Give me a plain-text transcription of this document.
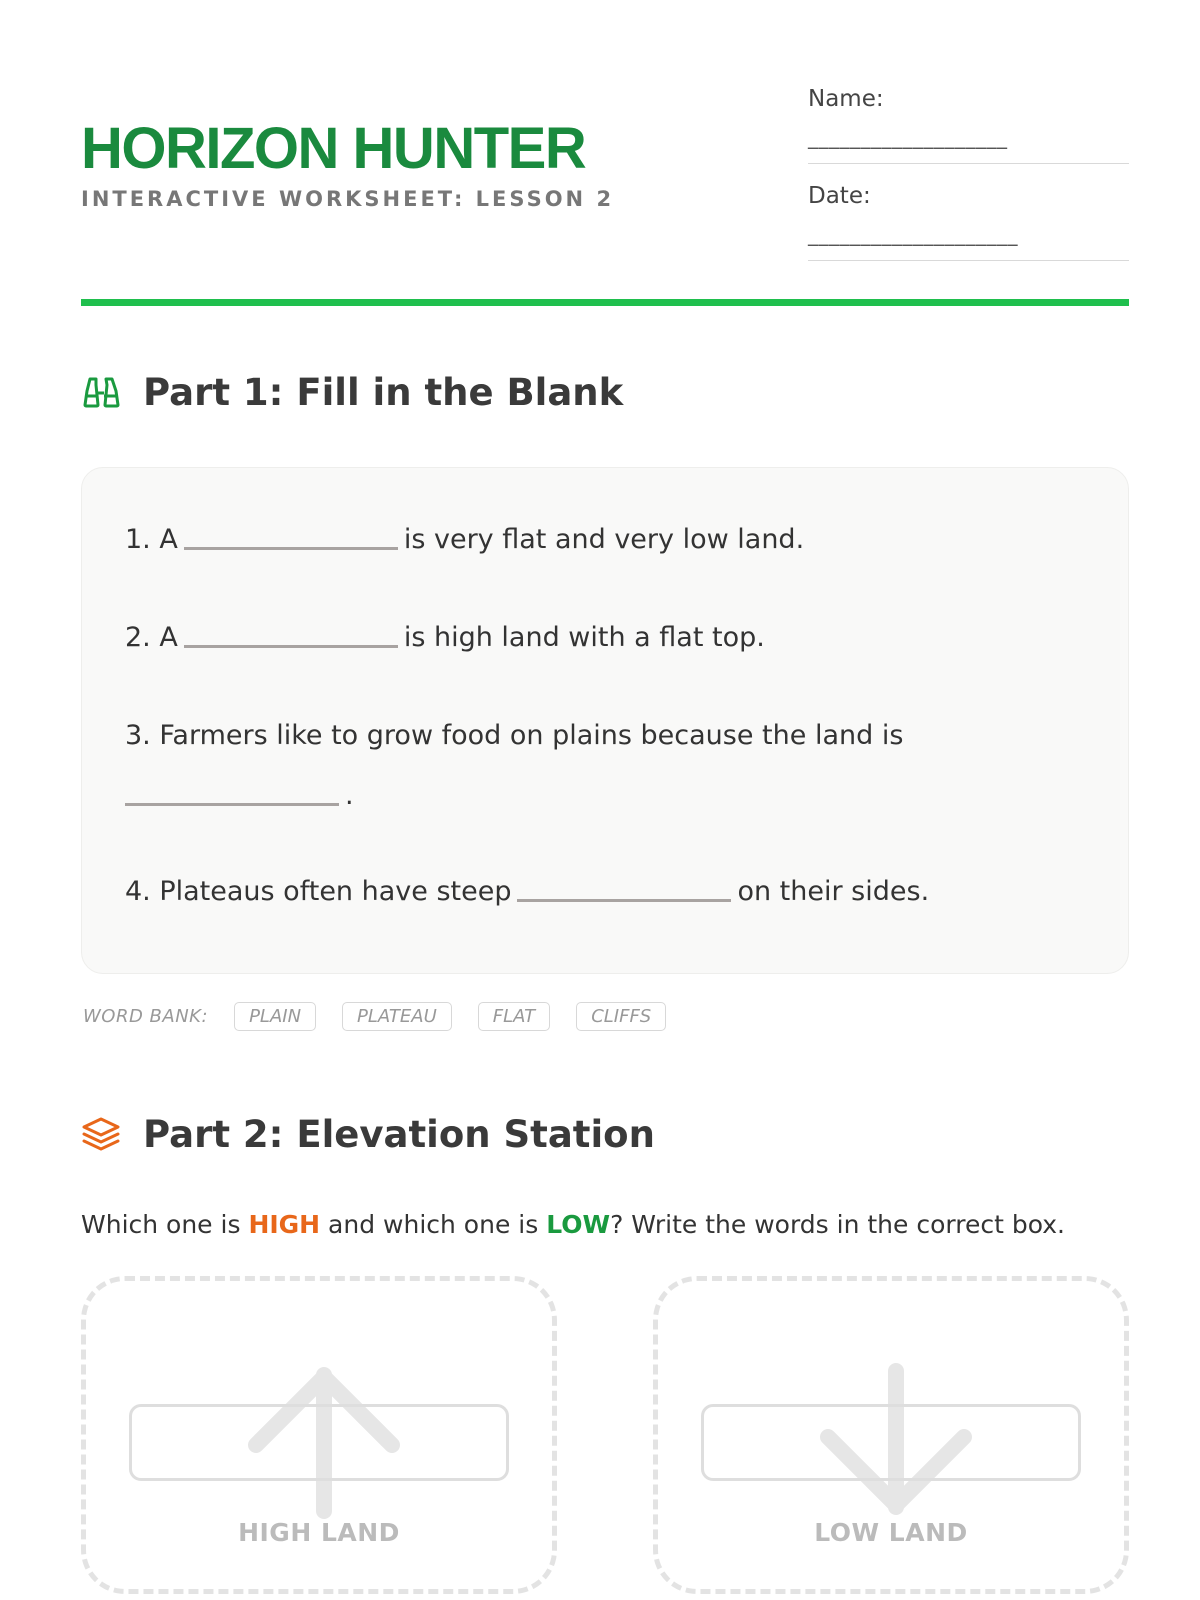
HORIZON HUNTER
INTERACTIVE WORKSHEET: LESSON 2
Name:
___________________
Date:
____________________
Part 1: Fill in the Blank
1. A	is very flat and very low land.
2. A	is high land with a flat top.
3. Farmers like to grow food on plains because the land is
.
4. Plateaus often have steep	on their sides.
WORD BANK:	PLAIN	PLATEAU	FLAT	CLIFFS
Part 2: Elevation Station
Which one is HIGH and which one is LOW? Write the words in the correct box.
HIGH LAND	LOW LAND
